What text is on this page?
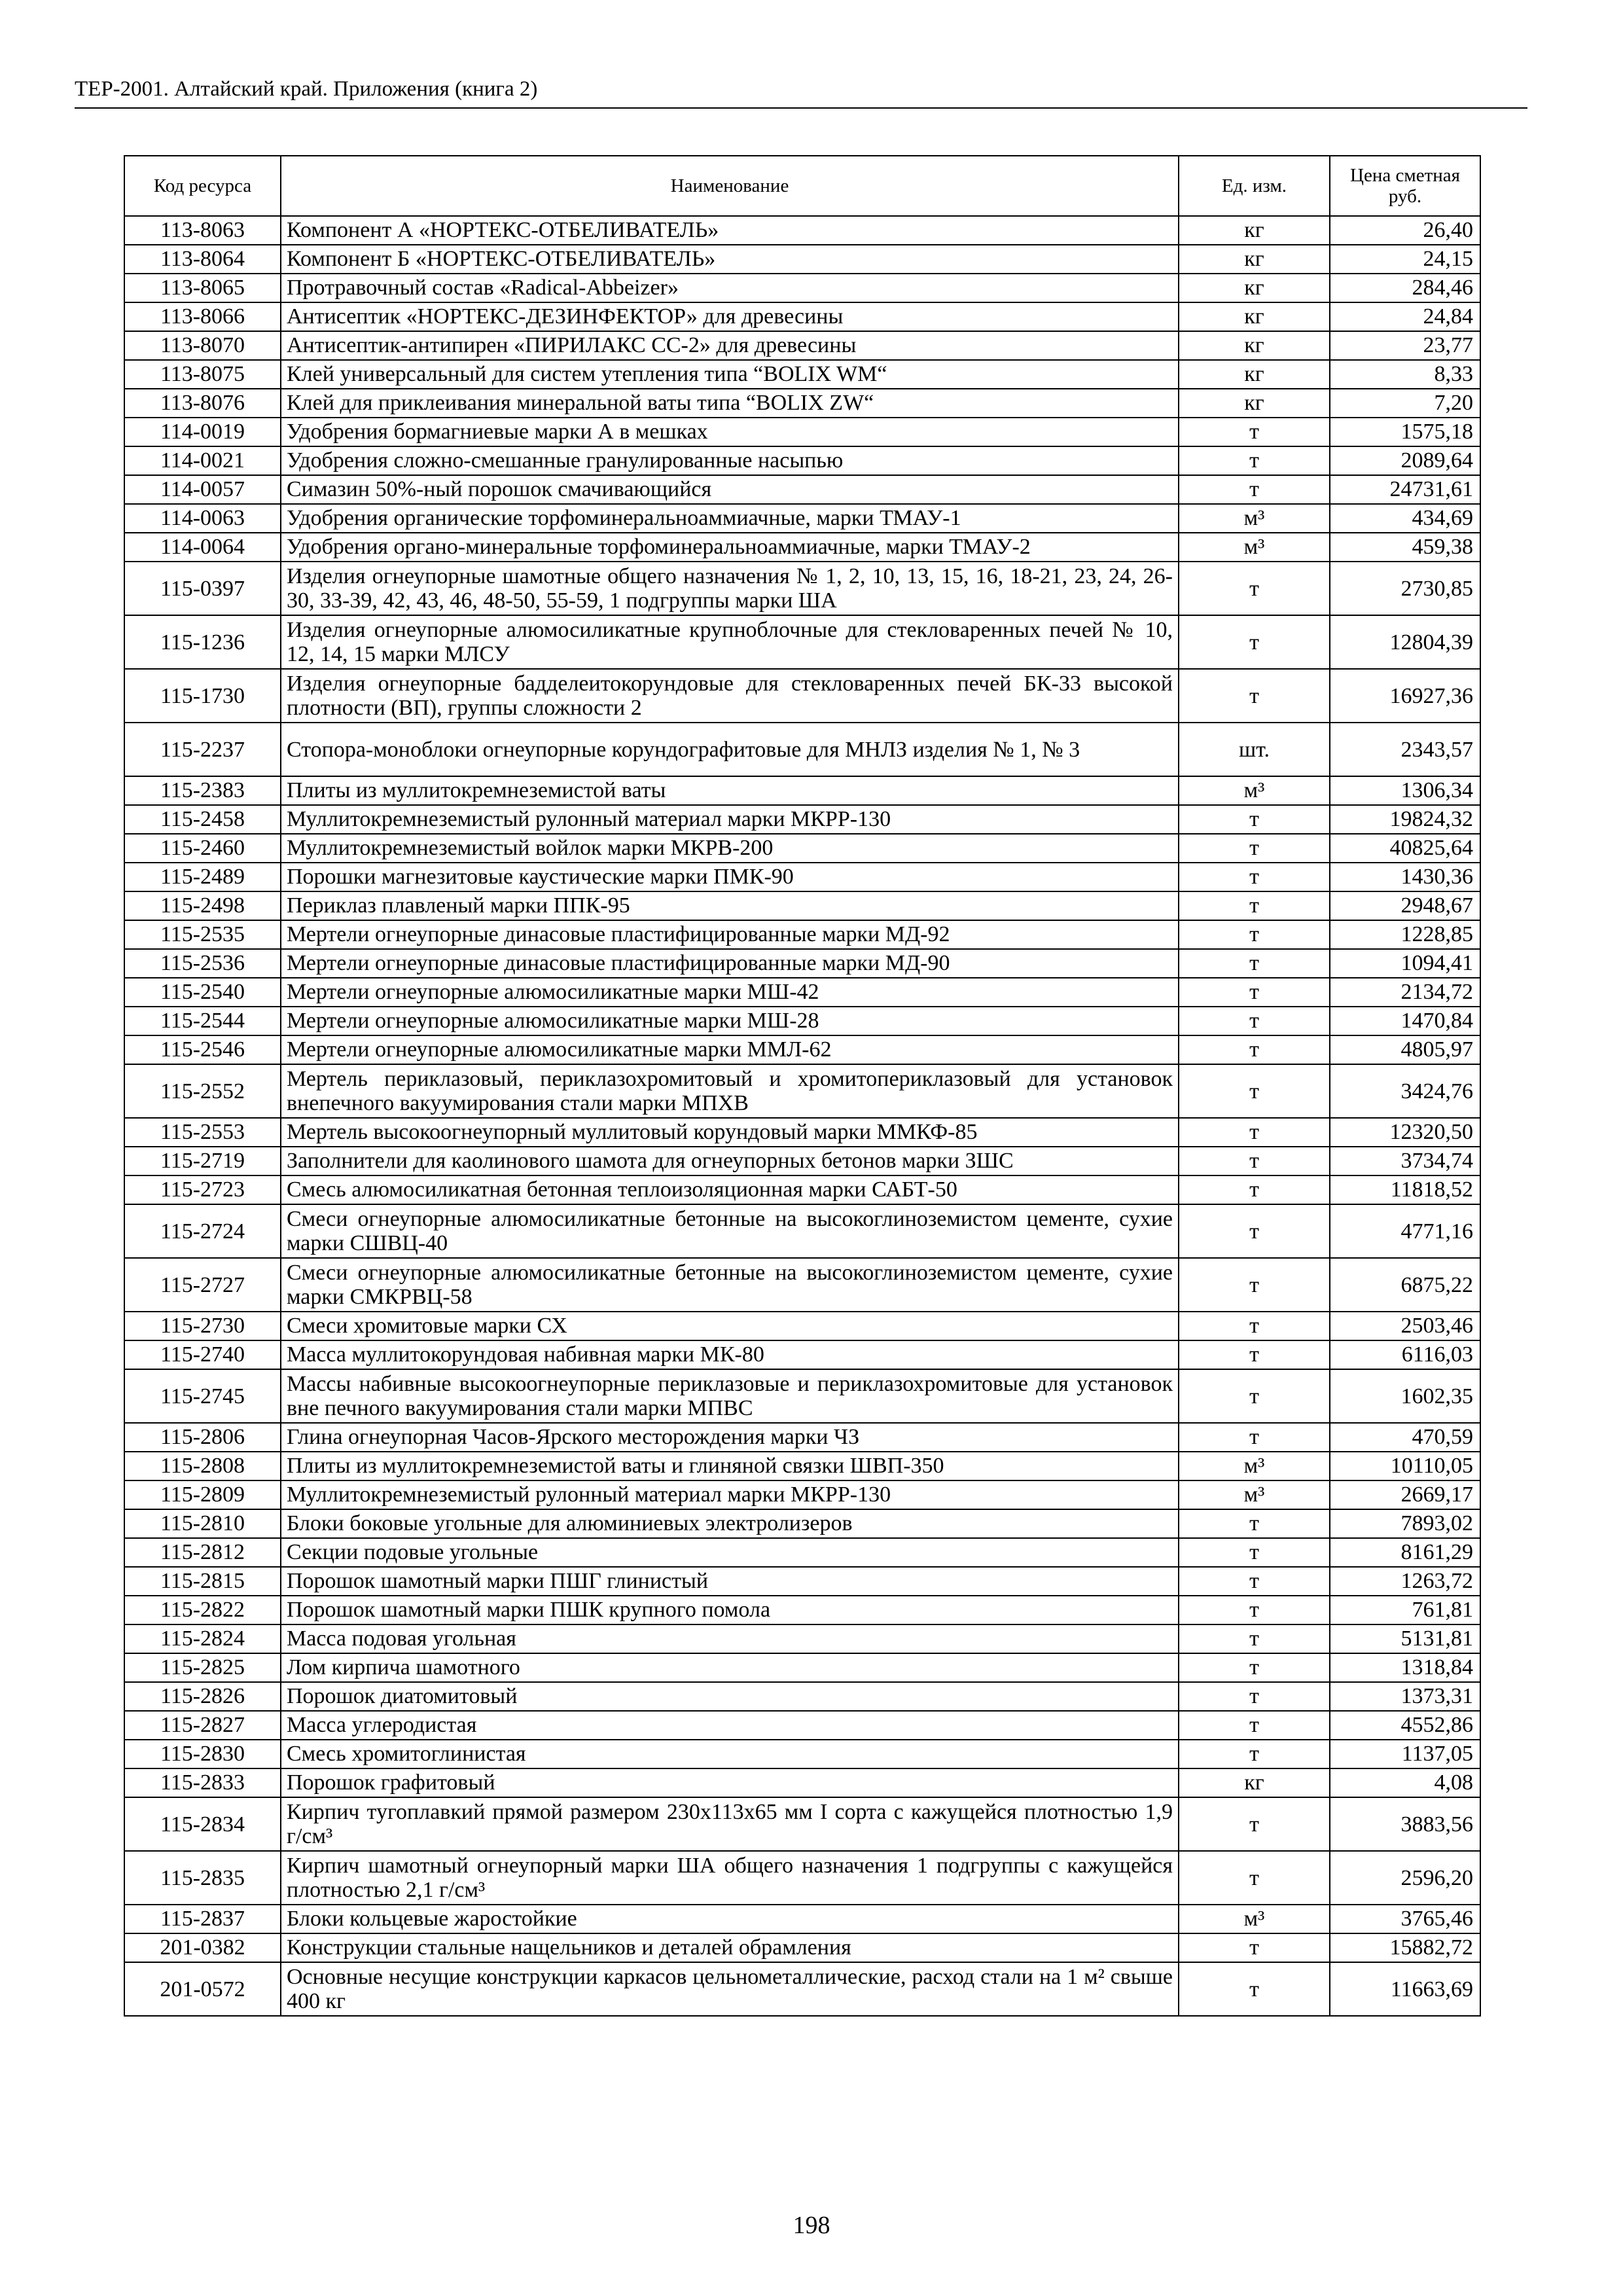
ТЕР-2001. Алтайский край. Приложения (книга 2)
Код ресурса	Наименование	Ед. изм.	Цена сметная руб.
113-8063	Компонент А «НОРТЕКС-ОТБЕЛИВАТЕЛЬ»	кг	26,40
113-8064	Компонент Б «НОРТЕКС-ОТБЕЛИВАТЕЛЬ»	кг	24,15
113-8065	Протравочный состав «Radical-Abbeizer»	кг	284,46
113-8066	Антисептик «НОРТЕКС-ДЕЗИНФЕКТОР» для древесины	кг	24,84
113-8070	Антисептик-антипирен «ПИРИЛАКС СС-2» для древесины	кг	23,77
113-8075	Клей универсальный для систем утепления типа “BOLIX WM“	кг	8,33
113-8076	Клей для приклеивания минеральной ваты типа “BOLIX ZW“	кг	7,20
114-0019	Удобрения бормагниевые марки А в мешках	т	1575,18
114-0021	Удобрения сложно-смешанные гранулированные насыпью	т	2089,64
114-0057	Симазин 50%-ный порошок смачивающийся	т	24731,61
114-0063	Удобрения органические торфоминеральноаммиачные, марки ТМАУ-1	м³	434,69
114-0064	Удобрения органо-минеральные торфоминеральноаммиачные, марки ТМАУ-2	м³	459,38
115-0397	Изделия огнеупорные шамотные общего назначения № 1, 2, 10, 13, 15, 16, 18-21, 23, 24, 26-30, 33-39, 42, 43, 46, 48-50, 55-59, 1 подгруппы марки ША	т	2730,85
115-1236	Изделия огнеупорные алюмосиликатные крупноблочные для стекловаренных печей № 10, 12, 14, 15 марки МЛСУ	т	12804,39
115-1730	Изделия огнеупорные бадделеитокорундовые для стекловаренных печей БК-33 высокой плотности (ВП), группы сложности 2	т	16927,36
115-2237	Стопора-моноблоки огнеупорные корундографитовые для МНЛЗ изделия № 1, № 3	шт.	2343,57
115-2383	Плиты из муллитокремнеземистой ваты	м³	1306,34
115-2458	Муллитокремнеземистый рулонный материал марки МКРР-130	т	19824,32
115-2460	Муллитокремнеземистый войлок марки МКРВ-200	т	40825,64
115-2489	Порошки магнезитовые каустические марки ПМК-90	т	1430,36
115-2498	Периклаз плавленый марки ППК-95	т	2948,67
115-2535	Мертели огнеупорные динасовые пластифицированные марки МД-92	т	1228,85
115-2536	Мертели огнеупорные динасовые пластифицированные марки МД-90	т	1094,41
115-2540	Мертели огнеупорные алюмосиликатные марки МШ-42	т	2134,72
115-2544	Мертели огнеупорные алюмосиликатные марки МШ-28	т	1470,84
115-2546	Мертели огнеупорные алюмосиликатные марки ММЛ-62	т	4805,97
115-2552	Мертель периклазовый, периклазохромитовый и хромитопериклазовый для установок внепечного вакуумирования стали марки МПХВ	т	3424,76
115-2553	Мертель высокоогнеупорный муллитовый корундовый марки ММКФ-85	т	12320,50
115-2719	Заполнители для каолинового шамота для огнеупорных бетонов марки ЗШС	т	3734,74
115-2723	Смесь алюмосиликатная бетонная теплоизоляционная марки САБТ-50	т	11818,52
115-2724	Смеси огнеупорные алюмосиликатные бетонные на высокоглиноземистом цементе, сухие марки СШВЦ-40	т	4771,16
115-2727	Смеси огнеупорные алюмосиликатные бетонные на высокоглиноземистом цементе, сухие марки СМКРВЦ-58	т	6875,22
115-2730	Смеси хромитовые марки СХ	т	2503,46
115-2740	Масса муллитокорундовая набивная марки МК-80	т	6116,03
115-2745	Массы набивные высокоогнеупорные периклазовые и периклазохромитовые для установок вне печного вакуумирования стали марки МПВС	т	1602,35
115-2806	Глина огнеупорная Часов-Ярского месторождения марки ЧЗ	т	470,59
115-2808	Плиты из муллитокремнеземистой ваты и глиняной связки ШВП-350	м³	10110,05
115-2809	Муллитокремнеземистый рулонный материал марки МКРР-130	м³	2669,17
115-2810	Блоки боковые угольные для алюминиевых электролизеров	т	7893,02
115-2812	Секции подовые угольные	т	8161,29
115-2815	Порошок шамотный марки ПШГ глинистый	т	1263,72
115-2822	Порошок шамотный марки ПШК крупного помола	т	761,81
115-2824	Масса подовая угольная	т	5131,81
115-2825	Лом кирпича шамотного	т	1318,84
115-2826	Порошок диатомитовый	т	1373,31
115-2827	Масса углеродистая	т	4552,86
115-2830	Смесь хромитоглинистая	т	1137,05
115-2833	Порошок графитовый	кг	4,08
115-2834	Кирпич тугоплавкий прямой размером 230х113х65 мм I сорта с кажущейся плотностью 1,9 г/см³	т	3883,56
115-2835	Кирпич шамотный огнеупорный марки ША общего назначения 1 подгруппы с кажущейся плотностью 2,1 г/см³	т	2596,20
115-2837	Блоки кольцевые жаростойкие	м³	3765,46
201-0382	Конструкции стальные нащельников и деталей обрамления	т	15882,72
201-0572	Основные несущие конструкции каркасов цельнометаллические, расход стали на 1 м² свыше 400 кг	т	11663,69
198
